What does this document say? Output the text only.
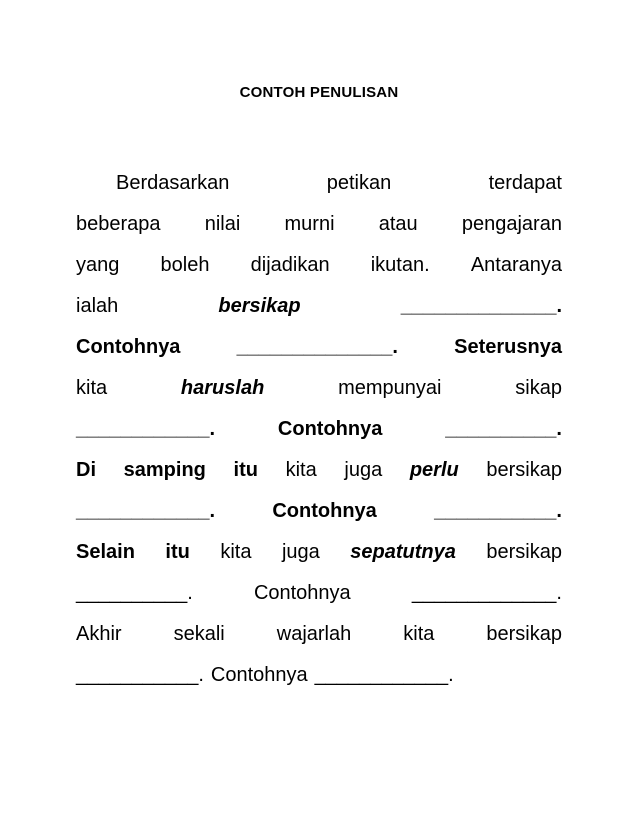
CONTOH PENULISAN
Berdasarkan	petikan	terdapat
beberapa nilai murni atau pengajaran
yang boleh dijadikan ikutan. Antaranya
ialah	bersikap	______________.
Contohnya	______________.	Seterusnya
kita	haruslah	mempunyai	sikap
____________.	Contohnya	__________.
Di samping itu kita juga perlu bersikap
____________.	Contohnya	___________.
Selain itu kita juga sepatutnya bersikap
__________.	Contohnya	_____________.
Akhir	sekali	wajarlah	kita	bersikap
___________. Contohnya ____________.
